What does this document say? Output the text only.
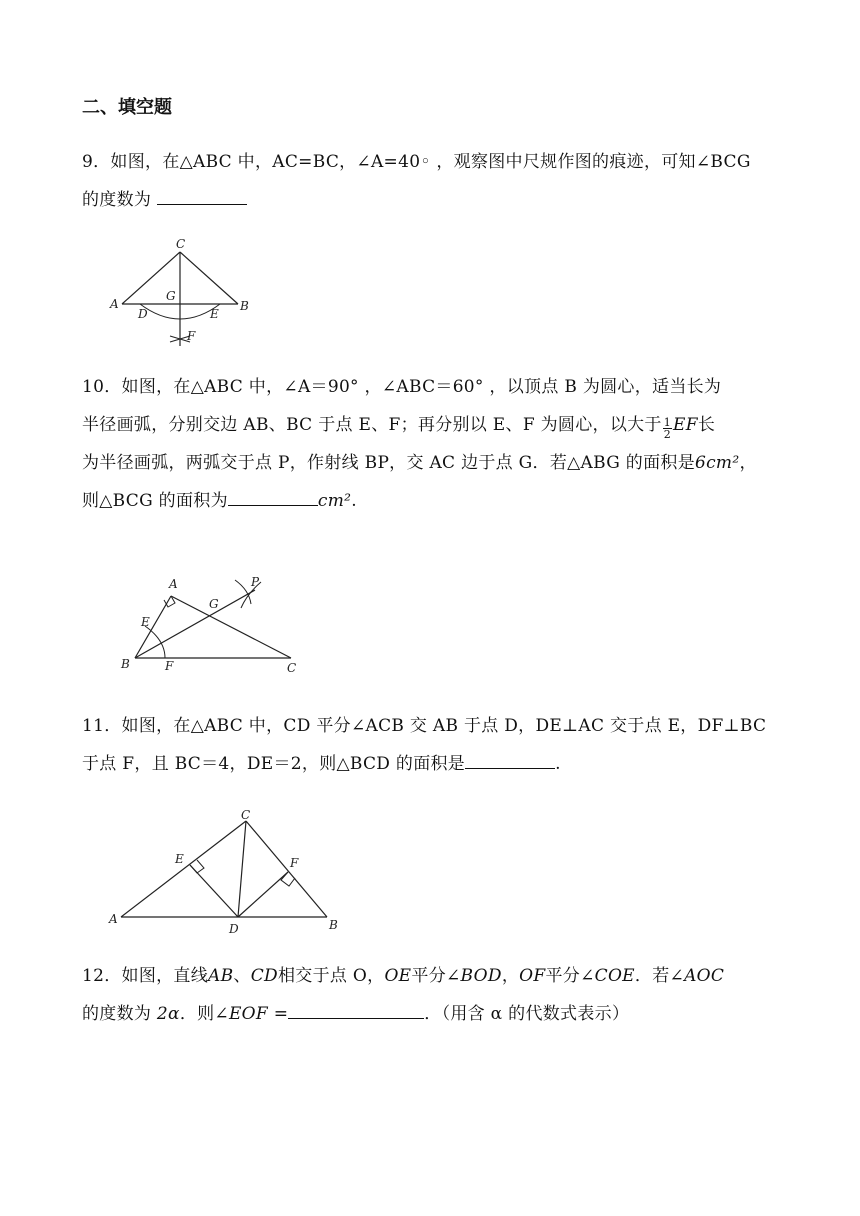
二、填空题
9．如图，在△ABC 中，AC=BC，∠A=40◦ ，观察图中尺规作图的痕迹，可知∠BCG
的度数为
C
A	B
G
D	E
F
10．如图，在△ABC 中，∠A＝90° ，∠ABC＝60° ，以顶点 B 为圆心，适当长为
半径画弧，分别交边 AB、BC 于点 E、F；再分别以 E、F 为圆心，以大于 $\frac{1}{2}$ EF长
为半径画弧，两弧交于点 P，作射线 BP，交 AC 边于点 G．若△ABG 的面积是6cm²，
则△BCG 的面积为	cm².
A
B	C
E
F
G
P
11．如图，在△ABC 中，CD 平分∠ACB 交 AB 于点 D，DE⊥AC 交于点 E，DF⊥BC
于点 F，且 BC＝4，DE＝2，则△BCD 的面积是	.
C
A	B
D
E	F
12．如图，直线AB、CD相交于点 O，OE平分∠BOD，OF平分∠COE．若∠AOC
的度数为 2α．则∠EOF =	．（用含 α 的代数式表示）
